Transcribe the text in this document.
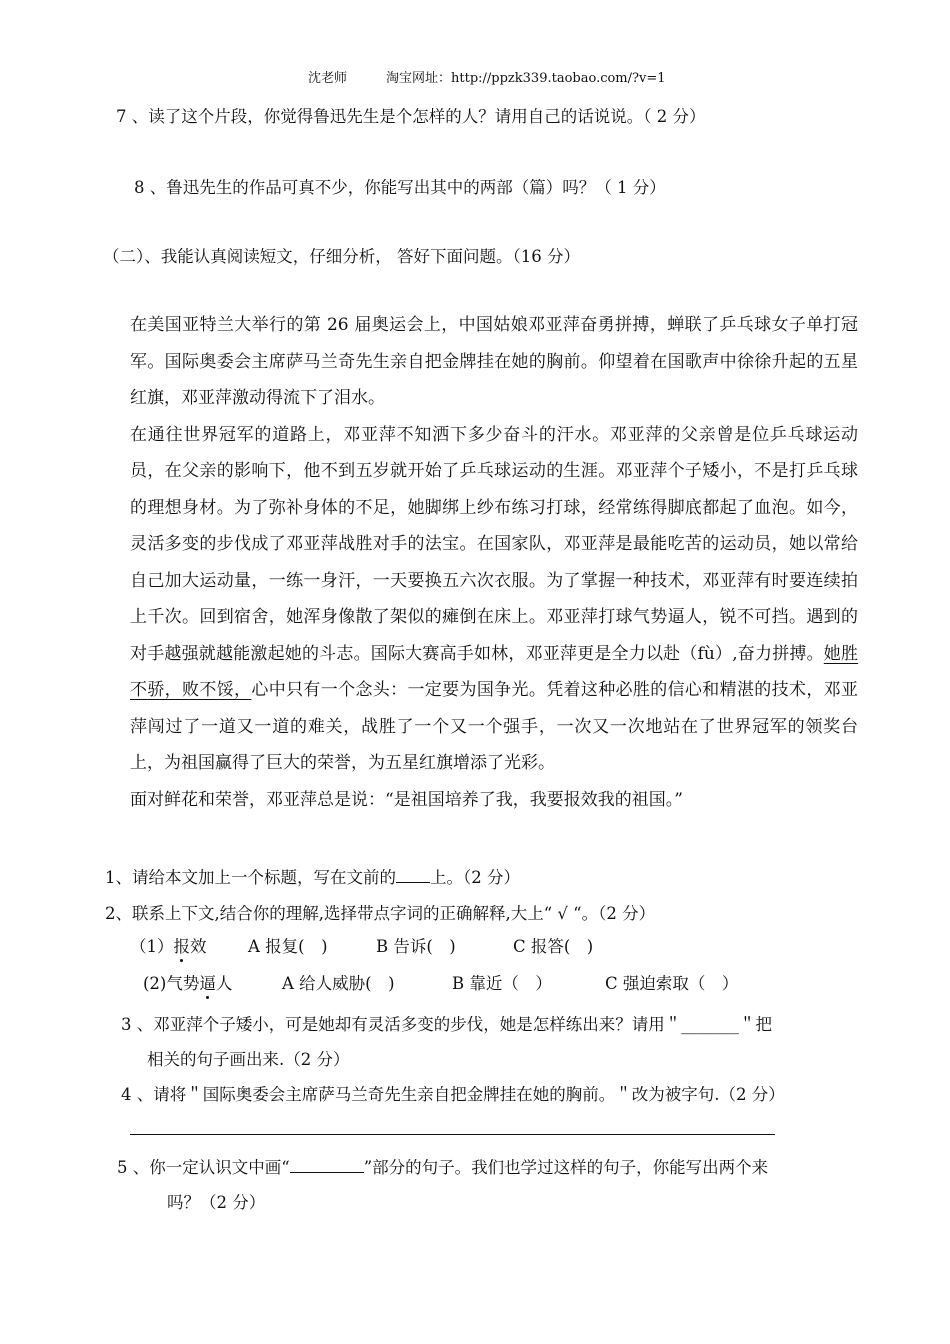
沈老师	淘宝网址：http://ppzk339.taobao.com/?v=1
7 、读了这个片段，你觉得鲁迅先生是个怎样的人？请用自己的话说说。（ 2 分）
8 、鲁迅先生的作品可真不少，你能写出其中的两部（篇）吗？（ 1 分）
（二）、我能认真阅读短文，仔细分析， 答好下面问题。（16 分）

在美国亚特兰大举行的第 26 届奥运会上，中国姑娘邓亚萍奋勇拼搏，蝉联了乒乓球女子单打冠军。国际奥委会主席萨马兰奇先生亲自把金牌挂在她的胸前。仰望着在国歌声中徐徐升起的五星红旗，邓亚萍激动得流下了泪水。

在通往世界冠军的道路上，邓亚萍不知洒下多少奋斗的汗水。邓亚萍的父亲曾是位乒乓球运动员，在父亲的影响下，他不到五岁就开始了乒乓球运动的生涯。邓亚萍个子矮小，不是打乒乓球的理想身材。为了弥补身体的不足，她脚绑上纱布练习打球，经常练得脚底都起了血泡。如今，灵活多变的步伐成了邓亚萍战胜对手的法宝。在国家队，邓亚萍是最能吃苦的运动员，她以常给自己加大运动量，一练一身汗，一天要换五六次衣服。为了掌握一种技术，邓亚萍有时要连续拍上千次。回到宿舍，她浑身像散了架似的瘫倒在床上。邓亚萍打球气势逼人，锐不可挡。遇到的对手越强就越能激起她的斗志。国际大赛高手如林，邓亚萍更是全力以赴（fù）,奋力拼搏。她胜不骄，败不馁，心中只有一个念头：一定要为国争光。凭着这种必胜的信心和精湛的技术，邓亚萍闯过了一道又一道的难关，战胜了一个又一个强手，一次又一次地站在了世界冠军的领奖台上，为祖国赢得了巨大的荣誉，为五星红旗增添了光彩。

面对鲜花和荣誉，邓亚萍总是说：“是祖国培养了我，我要报效我的祖国。”

1、请给本文加上一个标题，写在文前的 上。（2 分）
2、联系上下文,结合你的理解,选择带点字词的正确解释,大上“ √ “。（2 分）
（1）报效	A 报复(　)	B 告诉(　)	C 报答(　)
(2)气势逼人	A 给人威胁(　)	B 靠近（　）	C 强迫索取（　）
3 、邓亚萍个子矮小，可是她却有灵活多变的步伐，她是怎样练出来？请用＂_______＂把
相关的句子画出来.（2 分）
4 、请将＂国际奥委会主席萨马兰奇先生亲自把金牌挂在她的胸前。＂改为被字句.（2 分）
5 、你一定认识文中画“	”部分的句子。我们也学过这样的句子，你能写出两个来
吗？（2 分）
